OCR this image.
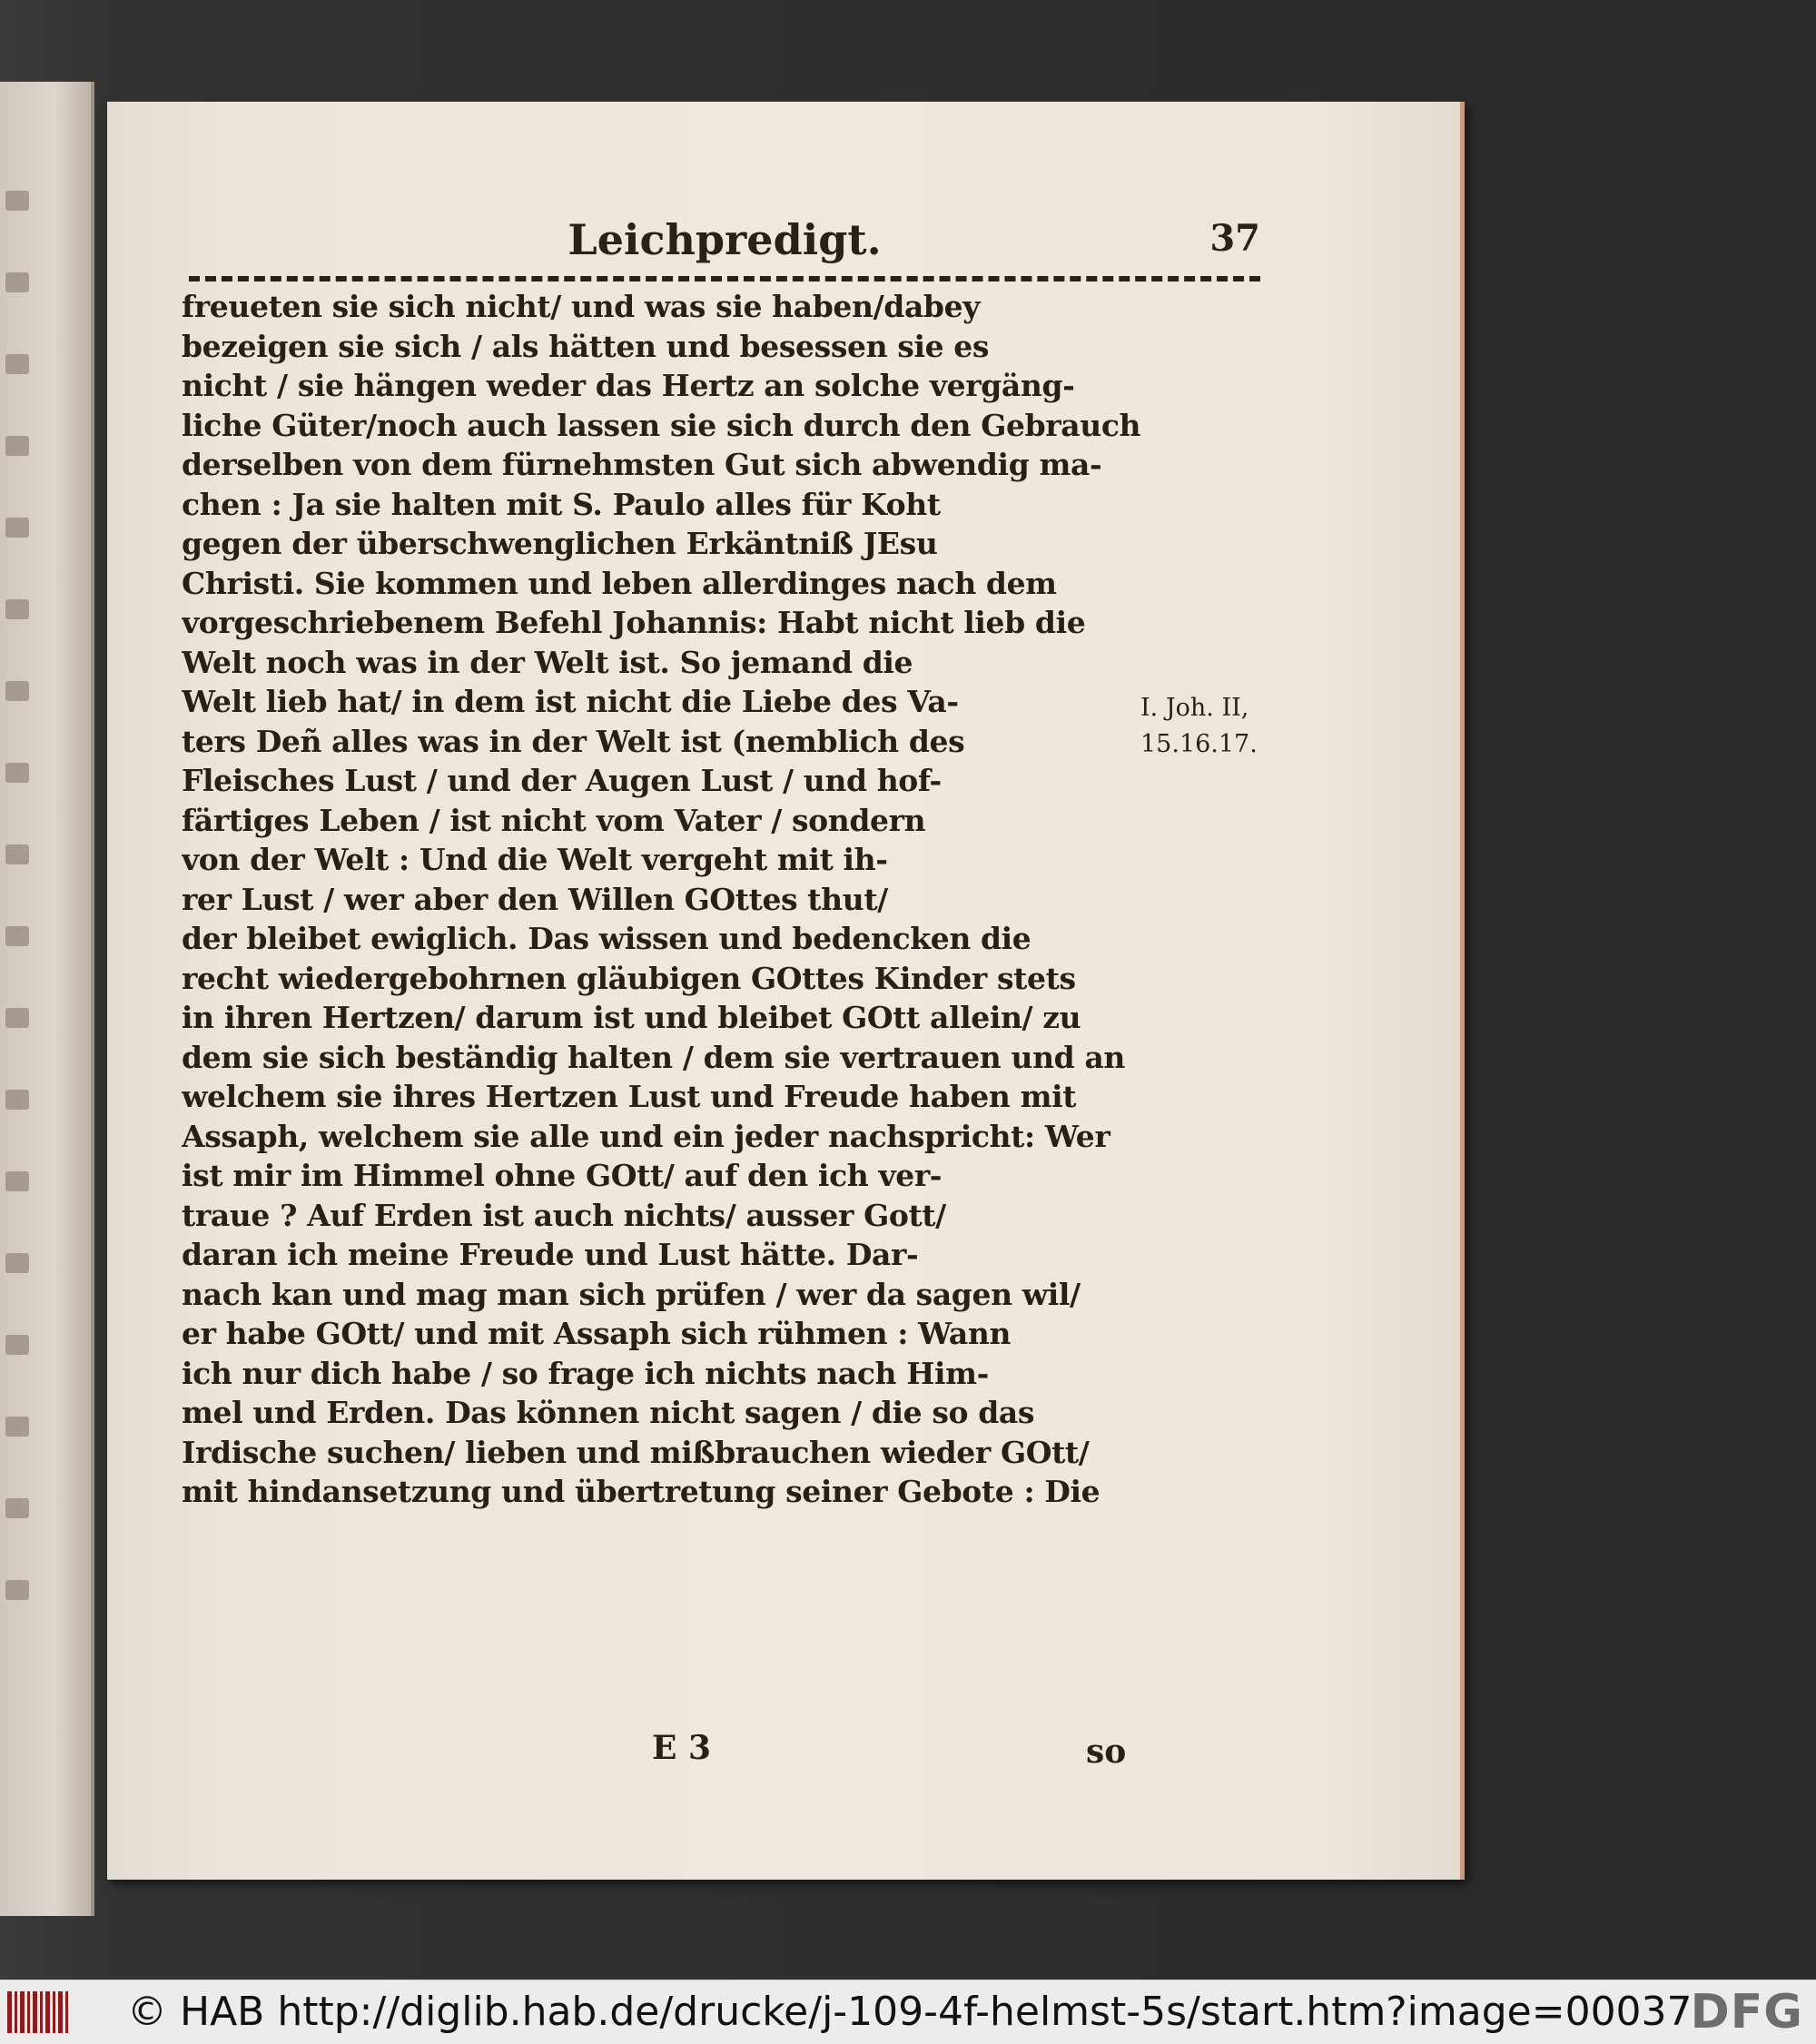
Leichpredigt.	37
freueten sie sich nicht/ und was sie haben/dabey
bezeigen sie sich / als hätten und besessen sie es
nicht / sie hängen weder das Hertz an solche vergäng-
liche Güter/noch auch lassen sie sich durch den Gebrauch
derselben von dem fürnehmsten Gut sich abwendig ma-
chen : Ja sie halten mit S. Paulo alles für Koht
gegen der überschwenglichen Erkäntniß JEsu
Christi. Sie kommen und leben allerdinges nach dem
vorgeschriebenem Befehl Johannis: Habt nicht lieb die
Welt noch was in der Welt ist. So jemand die
Welt lieb hat/ in dem ist nicht die Liebe des Va-
ters Deñ alles was in der Welt ist (nemblich des
Fleisches Lust / und der Augen Lust / und hof-
färtiges Leben / ist nicht vom Vater / sondern
von der Welt : Und die Welt vergeht mit ih-
rer Lust / wer aber den Willen GOttes thut/
der bleibet ewiglich. Das wissen und bedencken die
recht wiedergebohrnen gläubigen GOttes Kinder stets
in ihren Hertzen/ darum ist und bleibet GOtt allein/ zu
dem sie sich beständig halten / dem sie vertrauen und an
welchem sie ihres Hertzen Lust und Freude haben mit
Assaph, welchem sie alle und ein jeder nachspricht: Wer
ist mir im Himmel ohne GOtt/ auf den ich ver-
traue ? Auf Erden ist auch nichts/ ausser Gott/
daran ich meine Freude und Lust hätte. Dar-
nach kan und mag man sich prüfen / wer da sagen wil/
er habe GOtt/ und mit Assaph sich rühmen : Wann
ich nur dich habe / so frage ich nichts nach Him-
mel und Erden. Das können nicht sagen / die so das
Irdische suchen/ lieben und mißbrauchen wieder GOtt/
mit hindansetzung und übertretung seiner Gebote : Die
I. Joh. II,
15.16.17.
E 3	so
© HAB http://diglib.hab.de/drucke/j-109-4f-helmst-5s/start.htm?image=00037
DFG
